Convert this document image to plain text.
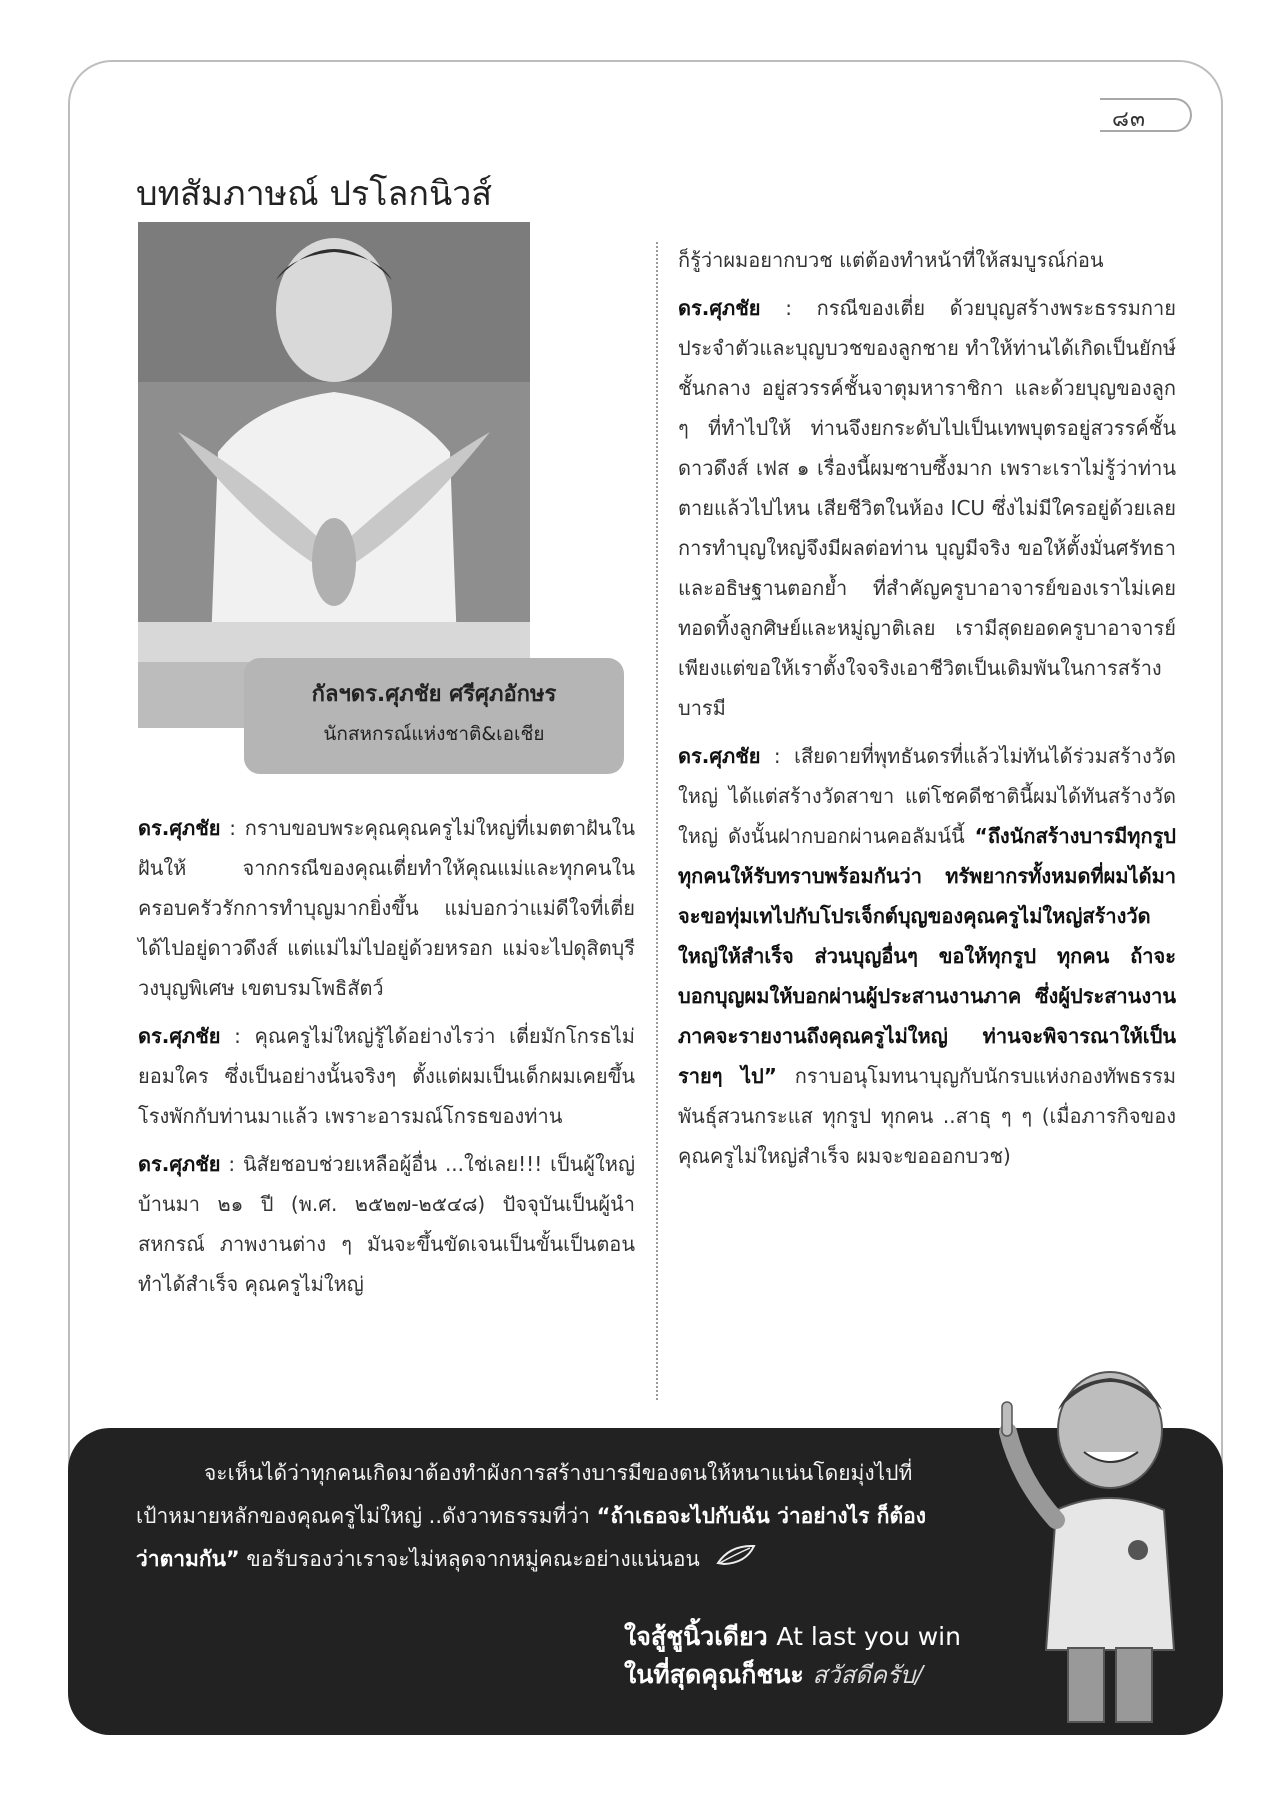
๘๓
บทสัมภาษณ์ ปรโลกนิวส์
กัลฯดร.ศุภชัย ศรีศุภอักษร
นักสหกรณ์แห่งชาติ&เอเชีย

ดร.ศุภชัย : กราบขอบพระคุณคุณครูไม่ใหญ่ที่เมตตาฝันในฝันให้ จากกรณีของคุณเตี่ยทำให้คุณแม่และทุกคนในครอบครัวรักการทำบุญมากยิ่งขึ้น แม่บอกว่าแม่ดีใจที่เตี่ยได้ไปอยู่ดาวดึงส์ แต่แม่ไม่ไปอยู่ด้วยหรอก แม่จะไปดุสิตบุรี วงบุญพิเศษ เขตบรมโพธิสัตว์

ดร.ศุภชัย : คุณครูไม่ใหญ่รู้ได้อย่างไรว่า เตี่ยมักโกรธไม่ยอมใคร ซึ่งเป็นอย่างนั้นจริงๆ ตั้งแต่ผมเป็นเด็กผมเคยขึ้นโรงพักกับท่านมาแล้ว เพราะอารมณ์โกรธของท่าน

ดร.ศุภชัย : นิสัยชอบช่วยเหลือผู้อื่น ...ใช่เลย!!! เป็นผู้ใหญ่บ้านมา ๒๑ ปี (พ.ศ. ๒๕๒๗-๒๕๔๘) ปัจจุบันเป็นผู้นำสหกรณ์ ภาพงานต่าง ๆ มันจะขึ้นขัดเจนเป็นขั้นเป็นตอน ทำได้สำเร็จ คุณครูไม่ใหญ่

ก็รู้ว่าผมอยากบวช แต่ต้องทำหน้าที่ให้สมบูรณ์ก่อน

ดร.ศุภชัย : กรณีของเตี่ย ด้วยบุญสร้างพระธรรมกายประจำตัวและบุญบวชของลูกชาย ทำให้ท่านได้เกิดเป็นยักษ์ชั้นกลาง อยู่สวรรค์ชั้นจาตุมหาราชิกา และด้วยบุญของลูก ๆ ที่ทำไปให้ ท่านจึงยกระดับไปเป็นเทพบุตรอยู่สวรรค์ชั้นดาวดึงส์ เฟส ๑ เรื่องนี้ผมซาบซึ้งมาก เพราะเราไม่รู้ว่าท่านตายแล้วไปไหน เสียชีวิตในห้อง ICU ซึ่งไม่มีใครอยู่ด้วยเลย การทำบุญใหญ่จึงมีผลต่อท่าน บุญมีจริง ขอให้ตั้งมั่นศรัทธา และอธิษฐานตอกย้ำ ที่สำคัญครูบาอาจารย์ของเราไม่เคยทอดทิ้งลูกศิษย์และหมู่ญาติเลย เรามีสุดยอดครูบาอาจารย์ เพียงแต่ขอให้เราตั้งใจจริงเอาชีวิตเป็นเดิมพันในการสร้างบารมี

ดร.ศุภชัย : เสียดายที่พุทธันดรที่แล้วไม่ทันได้ร่วมสร้างวัดใหญ่ ได้แต่สร้างวัดสาขา แต่โชคดีชาตินี้ผมได้ทันสร้างวัดใหญ่ ดังนั้นฝากบอกผ่านคอลัมน์นี้ “ถึงนักสร้างบารมีทุกรูปทุกคนให้รับทราบพร้อมกันว่า ทรัพยากรทั้งหมดที่ผมได้มาจะขอทุ่มเทไปกับโปรเจ็กต์บุญของคุณครูไม่ใหญ่สร้างวัดใหญ่ให้สำเร็จ ส่วนบุญอื่นๆ ขอให้ทุกรูป ทุกคน ถ้าจะบอกบุญผมให้บอกผ่านผู้ประสานงานภาค ซึ่งผู้ประสานงานภาคจะรายงานถึงคุณครูไม่ใหญ่ ท่านจะพิจารณาให้เป็นรายๆ ไป” กราบอนุโมทนาบุญกับนักรบแห่งกองทัพธรรมพันธุ์สวนกระแส ทุกรูป ทุกคน ..สาธุ ๆ ๆ (เมื่อภารกิจของคุณครูไม่ใหญ่สำเร็จ ผมจะขอออกบวช)

จะเห็นได้ว่าทุกคนเกิดมาต้องทำผังการสร้างบารมีของตนให้หนาแน่นโดยมุ่งไปที่เป้าหมายหลักของคุณครูไม่ใหญ่ ..ดังวาทธรรมที่ว่า “ถ้าเธอจะไปกับฉัน ว่าอย่างไร ก็ต้องว่าตามกัน” ขอรับรองว่าเราจะไม่หลุดจากหมู่คณะอย่างแน่นอน
ใจสู้ชูนิ้วเดียว At last you win
ในที่สุดคุณก็ชนะ สวัสดีครับ/
